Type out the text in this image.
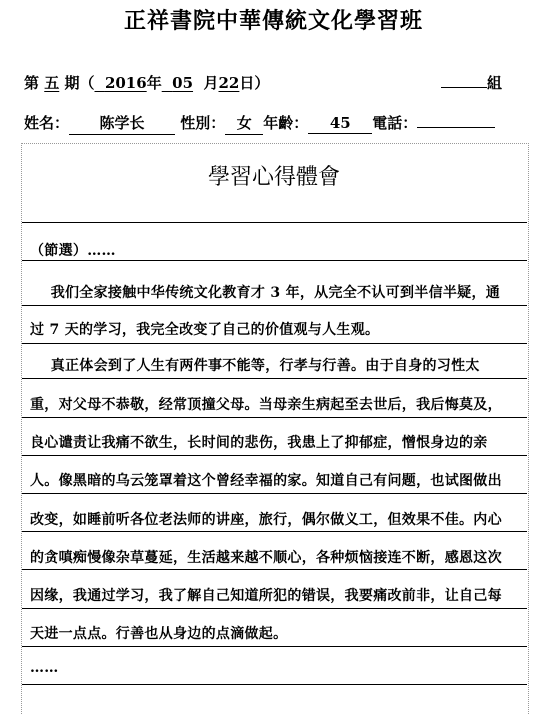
正祥書院中華傳統文化學習班
第 五 期（ 2016年 05 月22日）	組
姓名： 陈学长 性別： 女 年齡： 45 電話：
學習心得體會
（節選）……
我们全家接触中华传统文化教育才 3 年，从完全不认可到半信半疑，通
过 7 天的学习，我完全改变了自己的价值观与人生观。
真正体会到了人生有两件事不能等，行孝与行善。由于自身的习性太
重，对父母不恭敬，经常顶撞父母。当母亲生病起至去世后，我后悔莫及，
良心谴责让我痛不欲生，长时间的悲伤，我患上了抑郁症，憎恨身边的亲
人。像黑暗的乌云笼罩着这个曾经幸福的家。知道自己有问题，也试图做出
改变，如睡前听各位老法师的讲座，旅行，偶尔做义工，但效果不佳。内心
的贪嗔痴慢像杂草蔓延，生活越来越不顺心，各种烦恼接连不断，感恩这次
因缘，我通过学习，我了解自己知道所犯的错误，我要痛改前非，让自己每
天进一点点。行善也从身边的点滴做起。
……
